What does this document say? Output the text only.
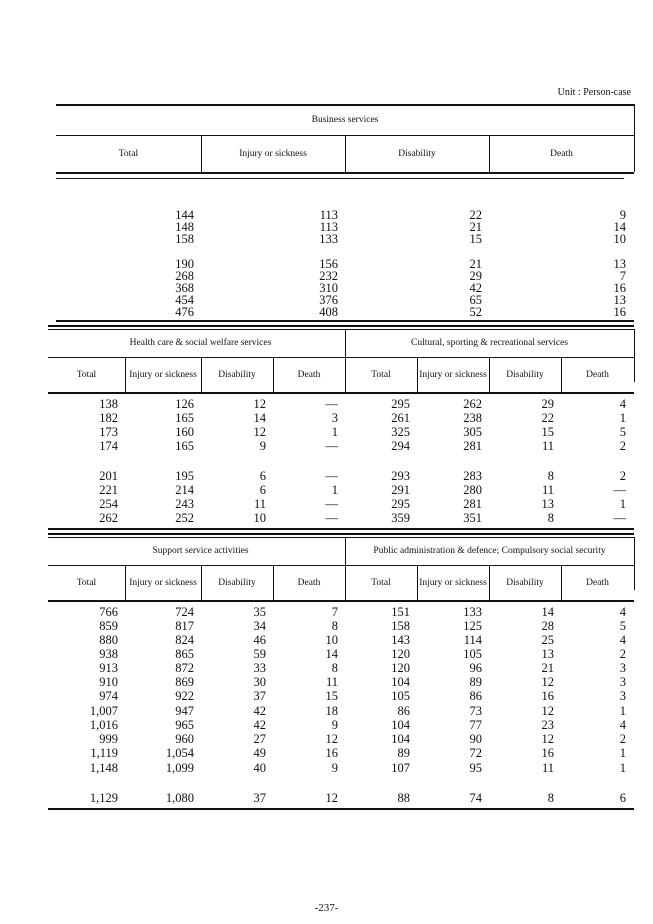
Unit : Person-case
Business services
Total	Injury or sickness	Disability	Death
144	113	22	9
148	113	21	14
158	133	15	10
190	156	21	13
268	232	29	7
368	310	42	16
454	376	65	13
476	408	52	16
Health care & social welfare services	Cultural, sporting & recreational services
Total	Injury or sickness	Disability	Death	Total	Injury or sickness	Disability	Death
138	126	12	—	295	262	29	4
182	165	14	3	261	238	22	1
173	160	12	1	325	305	15	5
174	165	9	—	294	281	11	2
201	195	6	—	293	283	8	2
221	214	6	1	291	280	11	—
254	243	11	—	295	281	13	1
262	252	10	—	359	351	8	—
Support service activities	Public administration & defence; Compulsory social security
Total	Injury or sickness	Disability	Death	Total	Injury or sickness	Disability	Death
766	724	35	7	151	133	14	4
859	817	34	8	158	125	28	5
880	824	46	10	143	114	25	4
938	865	59	14	120	105	13	2
913	872	33	8	120	96	21	3
910	869	30	11	104	89	12	3
974	922	37	15	105	86	16	3
1,007	947	42	18	86	73	12	1
1,016	965	42	9	104	77	23	4
999	960	27	12	104	90	12	2
1,119	1,054	49	16	89	72	16	1
1,148	1,099	40	9	107	95	11	1
1,129	1,080	37	12	88	74	8	6
-237-
